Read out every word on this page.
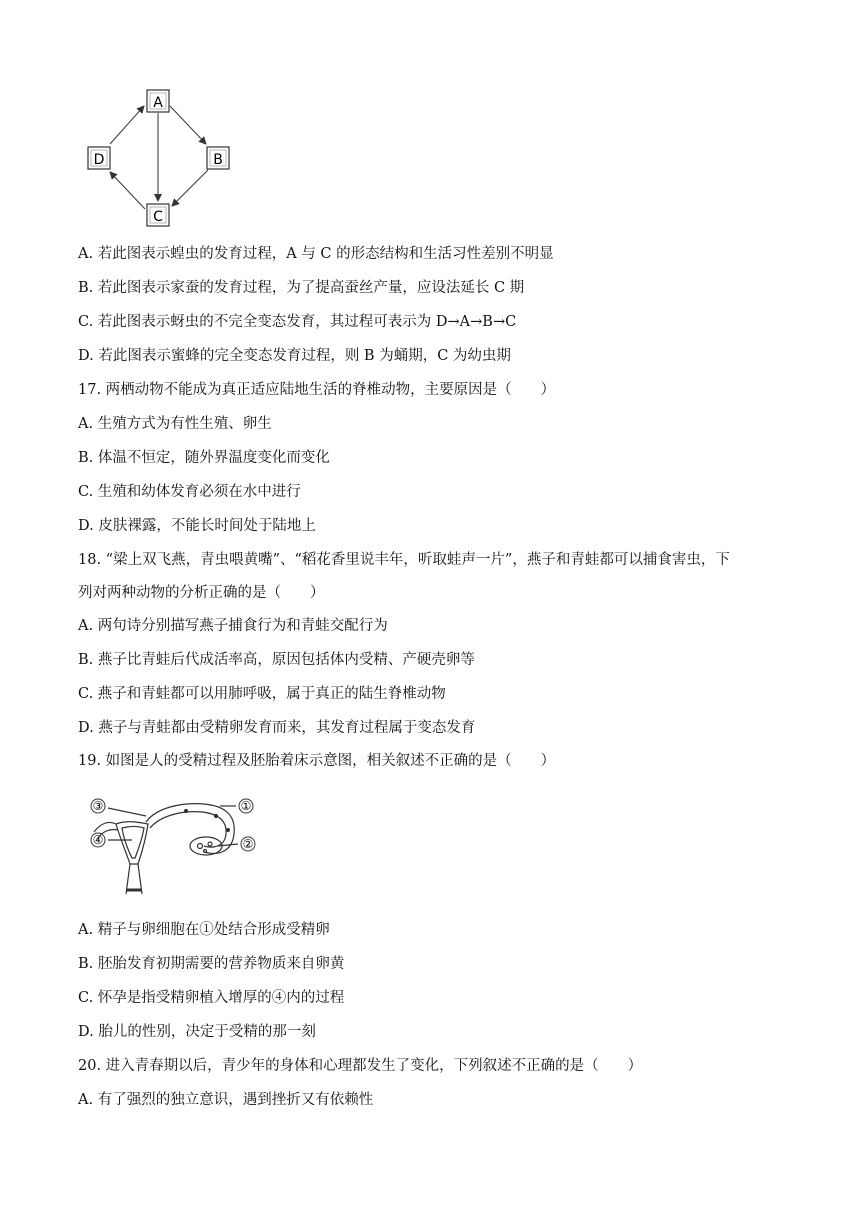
A
B
C
D
A. 若此图表示蝗虫的发育过程，A 与 C 的形态结构和生活习性差别不明显
B. 若此图表示家蚕的发育过程，为了提高蚕丝产量，应设法延长 C 期
C. 若此图表示蚜虫的不完全变态发育，其过程可表示为 D→A→B→C
D. 若此图表示蜜蜂的完全变态发育过程，则 B 为蛹期，C 为幼虫期
17. 两栖动物不能成为真正适应陆地生活的脊椎动物，主要原因是（　　）
A. 生殖方式为有性生殖、卵生
B. 体温不恒定，随外界温度变化而变化
C. 生殖和幼体发育必须在水中进行
D. 皮肤裸露，不能长时间处于陆地上
18. “梁上双飞燕，青虫喂黄嘴”、“稻花香里说丰年，听取蛙声一片”，燕子和青蛙都可以捕食害虫，下
列对两种动物的分析正确的是（　　）
A. 两句诗分别描写燕子捕食行为和青蛙交配行为
B. 燕子比青蛙后代成活率高，原因包括体内受精、产硬壳卵等
C. 燕子和青蛙都可以用肺呼吸，属于真正的陆生脊椎动物
D. 燕子与青蛙都由受精卵发育而来，其发育过程属于变态发育
19. 如图是人的受精过程及胚胎着床示意图，相关叙述不正确的是（　　）
③
④
①
②
A. 精子与卵细胞在①处结合形成受精卵
B. 胚胎发育初期需要的营养物质来自卵黄
C. 怀孕是指受精卵植入增厚的④内的过程
D. 胎儿的性别，决定于受精的那一刻
20. 进入青春期以后，青少年的身体和心理都发生了变化，下列叙述不正确的是（　　）
A. 有了强烈的独立意识，遇到挫折又有依赖性
